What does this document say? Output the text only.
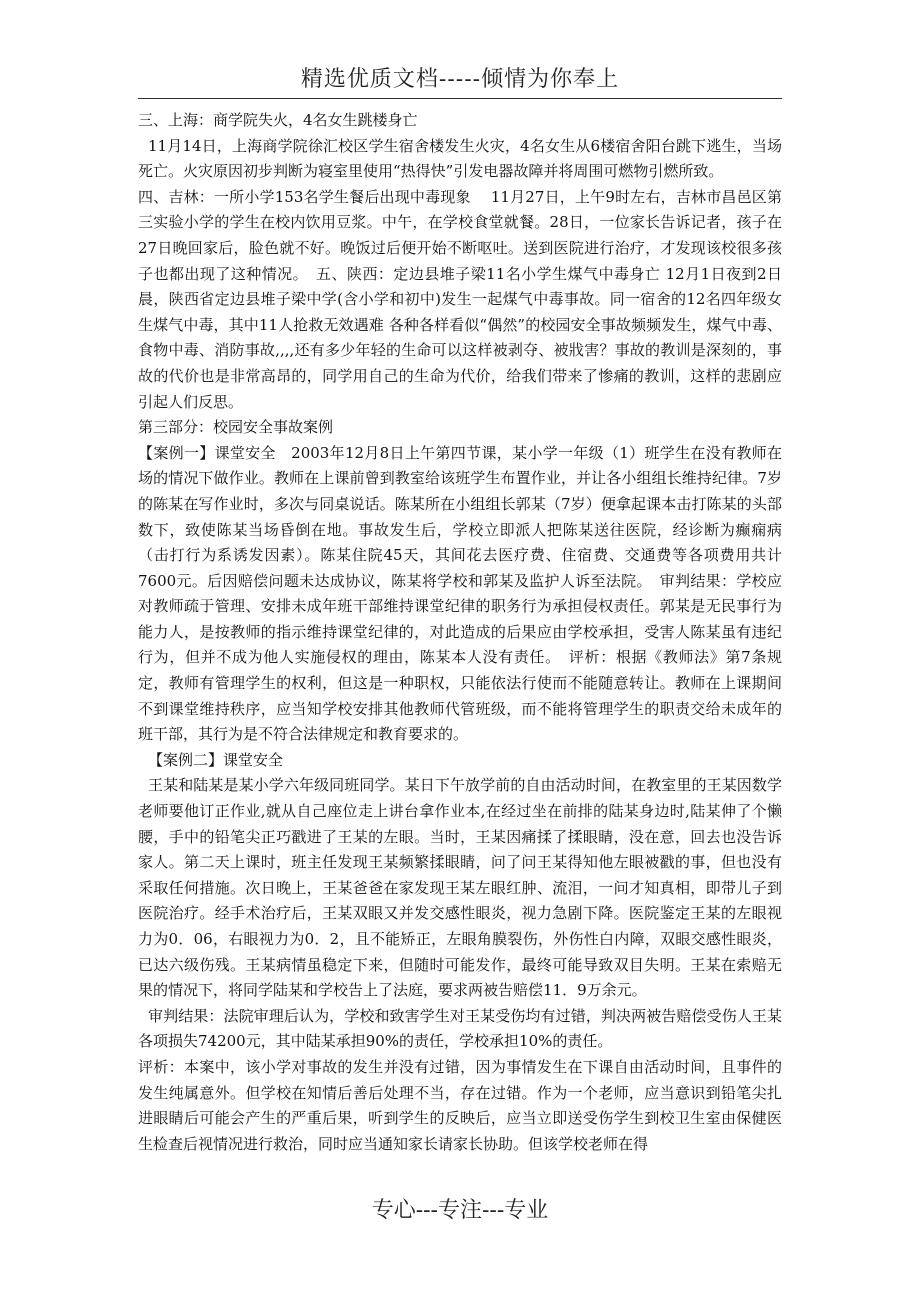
精选优质文档-----倾情为你奉上

三、上海：商学院失火，4名女生跳楼身亡

11月14日，上海商学院徐汇校区学生宿舍楼发生火灾，4名女生从6楼宿舍阳台跳下逃生，当场死亡。火灾原因初步判断为寝室里使用“热得快”引发电器故障并将周围可燃物引燃所致。

四、吉林：一所小学153名学生餐后出现中毒现象　 11月27日，上午9时左右，吉林市昌邑区第三实验小学的学生在校内饮用豆浆。中午，在学校食堂就餐。28日，一位家长告诉记者，孩子在27日晚回家后，脸色就不好。晚饭过后便开始不断呕吐。送到医院进行治疗，才发现该校很多孩子也都出现了这种情况。　五、陕西：定边县堆子梁11名小学生煤气中毒身亡 12月1日夜到2日晨，陕西省定边县堆子梁中学(含小学和初中)发生一起煤气中毒事故。同一宿舍的12名四年级女生煤气中毒，其中11人抢救无效遇难 各种各样看似“偶然”的校园安全事故频频发生，煤气中毒、食物中毒、消防事故,,,,还有多少年轻的生命可以这样被剥夺、被戕害？事故的教训是深刻的，事故的代价也是非常高昂的，同学用自己的生命为代价，给我们带来了惨痛的教训，这样的悲剧应引起人们反思。

第三部分：校园安全事故案例

【案例一】课堂安全　2003年12月8日上午第四节课，某小学一年级（1）班学生在没有教师在场的情况下做作业。教师在上课前曾到教室给该班学生布置作业，并让各小组组长维持纪律。7岁的陈某在写作业时，多次与同桌说话。陈某所在小组组长郭某（7岁）便拿起课本击打陈某的头部数下，致使陈某当场昏倒在地。事故发生后，学校立即派人把陈某送往医院，经诊断为癫痫病（击打行为系诱发因素）。陈某住院45天，其间花去医疗费、住宿费、交通费等各项费用共计7600元。后因赔偿问题未达成协议，陈某将学校和郭某及监护人诉至法院。　审判结果：学校应对教师疏于管理、安排未成年班干部维持课堂纪律的职务行为承担侵权责任。郭某是无民事行为能力人，是按教师的指示维持课堂纪律的，对此造成的后果应由学校承担，受害人陈某虽有违纪行为，但并不成为他人实施侵权的理由，陈某本人没有责任。　评析：根据《教师法》第7条规定，教师有管理学生的权利，但这是一种职权，只能依法行使而不能随意转让。教师在上课期间不到课堂维持秩序，应当知学校安排其他教师代管班级，而不能将管理学生的职责交给未成年的班干部，其行为是不符合法律规定和教育要求的。

【案例二】课堂安全

王某和陆某是某小学六年级同班同学。某日下午放学前的自由活动时间，在教室里的王某因数学老师要他订正作业,就从自己座位走上讲台拿作业本,在经过坐在前排的陆某身边时,陆某伸了个懒腰，手中的铅笔尖正巧戳进了王某的左眼。当时，王某因痛揉了揉眼睛，没在意，回去也没告诉家人。第二天上课时，班主任发现王某频繁揉眼睛，问了问王某得知他左眼被戳的事，但也没有采取任何措施。次日晚上，王某爸爸在家发现王某左眼红肿、流泪，一问才知真相，即带儿子到医院治疗。经手术治疗后，王某双眼又并发交感性眼炎，视力急剧下降。医院鉴定王某的左眼视力为0．06，右眼视力为0．2，且不能矫正，左眼角膜裂伤，外伤性白内障，双眼交感性眼炎，已达六级伤残。王某病情虽稳定下来，但随时可能发作，最终可能导致双目失明。王某在索赔无果的情况下，将同学陆某和学校告上了法庭，要求两被告赔偿11．9万余元。

审判结果：法院审理后认为，学校和致害学生对王某受伤均有过错，判决两被告赔偿受伤人王某各项损失74200元，其中陆某承担90%的责任，学校承担10%的责任。

评析：本案中，该小学对事故的发生并没有过错，因为事情发生在下课自由活动时间，且事件的发生纯属意外。但学校在知情后善后处理不当，存在过错。作为一个老师，应当意识到铅笔尖扎进眼睛后可能会产生的严重后果，听到学生的反映后，应当立即送受伤学生到校卫生室由保健医生检查后视情况进行救治，同时应当通知家长请家长协助。但该学校老师在得

专心---专注---专业
